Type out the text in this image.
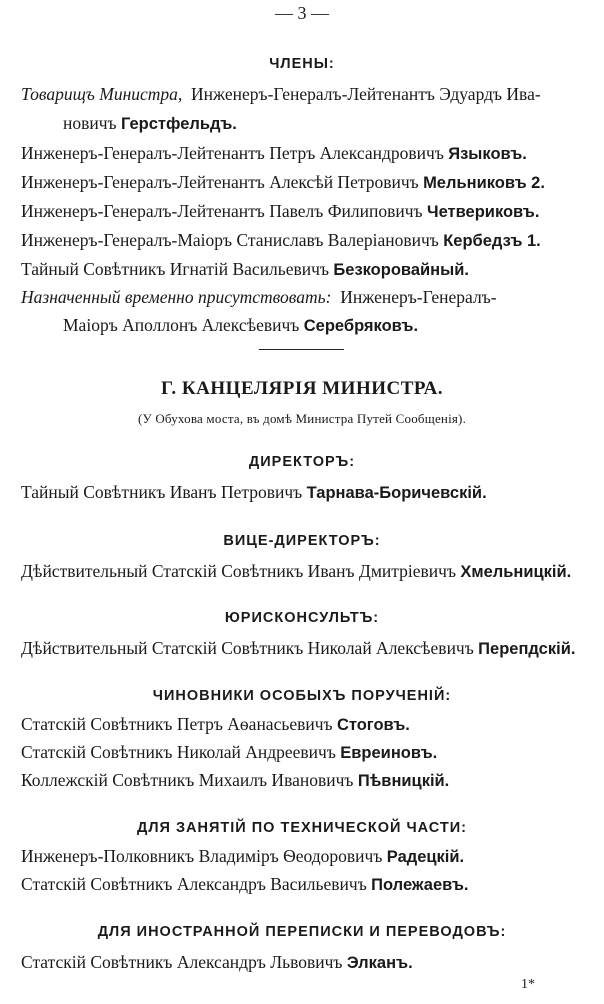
— 3 —
ЧЛЕНЫ:
Товарищъ Министра, Инженеръ-Генералъ-Лейтенантъ Эдуардъ Ива-
новичъ Герстфельдъ.
Инженеръ-Генералъ-Лейтенантъ Петръ Александровичъ Языковъ.
Инженеръ-Генералъ-Лейтенантъ Алексѣй Петровичъ Мельниковъ 2.
Инженеръ-Генералъ-Лейтенантъ Павелъ Филиповичъ Четвериковъ.
Инженеръ-Генералъ-Маіоръ Станиславъ Валеріановичъ Кербедзъ 1.
Тайный Совѣтникъ Игнатій Васильевичъ Безкоровайный.
Назначенный временно присутствовать: Инженеръ-Генералъ-
Маіоръ Аполлонъ Алексѣевичъ Серебряковъ.
Г. КАНЦЕЛЯРІЯ МИНИСТРА.
(У Обухова моста, въ домѣ Министра Путей Сообщенія).
ДИРЕКТОРЪ:
Тайный Совѣтникъ Иванъ Петровичъ Тарнава-Боричевскій.
ВИЦЕ-ДИРЕКТОРЪ:
Дѣйствительный Статскій Совѣтникъ Иванъ Дмитріевичъ Хмельницкій.
ЮРИСКОНСУЛЬТЪ:
Дѣйствительный Статскій Совѣтникъ Николай Алексѣевичъ Перепдскій.
ЧИНОВНИКИ ОСОБЫХЪ ПОРУЧЕНІЙ:
Статскій Совѣтникъ Петръ Аѳанасьевичъ Стоговъ.
Статскій Совѣтникъ Николай Андреевичъ Евреиновъ.
Коллежскій Совѣтникъ Михаилъ Ивановичъ Пѣвницкій.
ДЛЯ ЗАНЯТІЙ ПО ТЕХНИЧЕСКОЙ ЧАСТИ:
Инженеръ-Полковникъ Владиміръ Ѳеодоровичъ Радецкій.
Статскій Совѣтникъ Александръ Васильевичъ Полежаевъ.
ДЛЯ ИНОСТРАННОЙ ПЕРЕПИСКИ И ПЕРЕВОДОВЪ:
Статскій Совѣтникъ Александръ Львовичъ Элканъ.
1*
